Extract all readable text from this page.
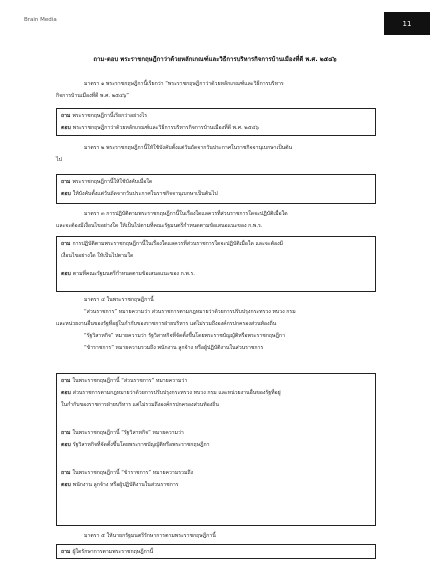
Brain Media	11
ถาม-ตอบ พระราชกฤษฎีกาว่าด้วยหลักเกณฑ์และวิธีการบริหารกิจการบ้านเมืองที่ดี พ.ศ. ๒๕๔๖
มาตรา ๑ พระราชกฤษฎีกานี้เรียกว่า “พระราชกฤษฎีกาว่าด้วยหลักเกณฑ์และวิธีการบริหาร
กิจการบ้านเมืองที่ดี พ.ศ. ๒๕๔๖”
ถาม พระราชกฤษฎีกานี้เรียกว่าอย่างไร
ตอบ พระราชกฤษฎีกาว่าด้วยหลักเกณฑ์และวิธีการบริหารกิจการบ้านเมืองที่ดี พ.ศ. ๒๕๔๖
มาตรา ๒ พระราชกฤษฎีกานี้ให้ใช้บังคับตั้งแต่วันถัดจากวันประกาศในราชกิจจานุเบกษาเป็นต้น
ไป
ถาม พระราชกฤษฎีกานี้ให้ใช้บังคับเมื่อใด
ตอบ ให้บังคับตั้งแต่วันถัดจากวันประกาศในราชกิจจานุเบกษาเป็นต้นไป
มาตรา ๓ การปฏิบัติตามพระราชกฤษฎีกานี้ในเรื่องใดแลควรที่ส่วนราชการใดจะปฏิบัติเมื่อใด
และจะต้องมีเงื่อนไขอย่างใด ให้เป็นไปตามที่คณะรัฐมนตรีกำหนดตามข้อเสนอแนะของ ก.พ.ร.
ถาม การปฏิบัติตามพระราชกฤษฎีกานี้ในเรื่องใดแลควรที่ส่วนราชการใดจะปฏิบัติเมื่อใด และจะต้องมี
เงื่อนไขอย่างใด ให้เป็นไปตามใด
ตอบ ตามที่คณะรัฐมนตรีกำหนดตามข้อเสนอแนะของ ก.พ.ร.
มาตรา ๔ ในพระราชกฤษฎีกานี้
“ส่วนราชการ” หมายความว่า ส่วนราชการตามกฎหมายว่าด้วยการปรับปรุงกระทรวง ทบวง กรม
และหน่วยงานอื่นของรัฐที่อยู่ในกำกับของราชการฝ่ายบริหาร แต่ไม่รวมถึงองค์กรปกครองส่วนท้องถิ่น
“รัฐวิสาหกิจ” หมายความว่า รัฐวิสาหกิจที่จัดตั้งขึ้นโดยพระราชบัญญัติหรือพระราชกฤษฎีกา
“ข้าราชการ” หมายความรวมถึง พนักงาน ลูกจ้าง หรือผู้ปฏิบัติงานในส่วนราชการ
ถาม ในพระราชกฤษฎีกานี้ “ส่วนราชการ” หมายความว่า
ตอบ ส่วนราชการตามกฎหมายว่าด้วยการปรับปรุงกระทรวง ทบวง กรม และหน่วยงานอื่นของรัฐที่อยู่
ในกำกับของราชการฝ่ายบริหาร แต่ไม่รวมถึงองค์กรปกครองส่วนท้องถิ่น
ถาม ในพระราชกฤษฎีกานี้ “รัฐวิสาหกิจ” หมายความว่า
ตอบ รัฐวิสาหกิจที่จัดตั้งขึ้นโดยพระราชบัญญัติหรือพระราชกฤษฎีกา
ถาม ในพระราชกฤษฎีกานี้ “ข้าราชการ” หมายความรวมถึง
ตอบ พนักงาน ลูกจ้าง หรือผู้ปฏิบัติงานในส่วนราชการ
มาตรา ๕ ให้นายกรัฐมนตรีรักษาการตามพระราชกฤษฎีกานี้
ถาม ผู้ใดรักษาการตามพระราชกฤษฎีกานี้
